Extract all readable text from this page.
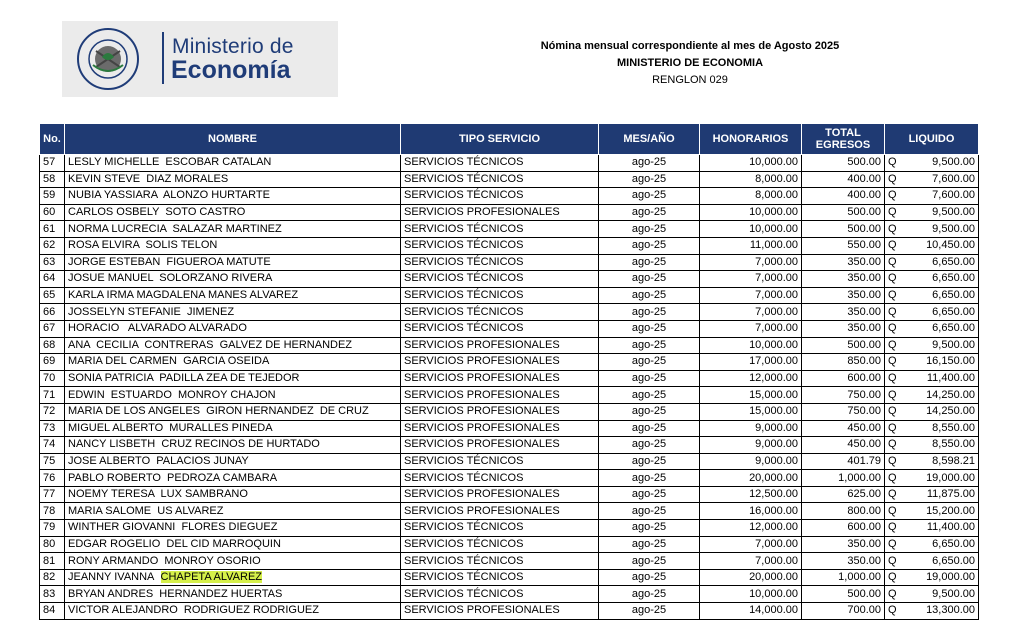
Ministerio de
Economía
Nómina mensual correspondiente al mes de Agosto 2025
MINISTERIO DE ECONOMIA
RENGLON 029
No.	NOMBRE	TIPO SERVICIO	MES/AÑO	HONORARIOS	TOTAL EGRESOS	LIQUIDO
57	LESLY MICHELLE  ESCOBAR CATALAN	SERVICIOS TÉCNICOS	ago-25	10,000.00	500.00	Q 9,500.00

58	KEVIN STEVE  DIAZ MORALES	SERVICIOS TÉCNICOS	ago-25	8,000.00	400.00	Q 7,600.00

59	NUBIA YASSIARA  ALONZO HURTARTE	SERVICIOS TÉCNICOS	ago-25	8,000.00	400.00	Q 7,600.00

60	CARLOS OSBELY  SOTO CASTRO	SERVICIOS PROFESIONALES	ago-25	10,000.00	500.00	Q 9,500.00

61	NORMA LUCRECIA  SALAZAR MARTINEZ	SERVICIOS TÉCNICOS	ago-25	10,000.00	500.00	Q 9,500.00

62	ROSA ELVIRA  SOLIS TELON	SERVICIOS TÉCNICOS	ago-25	11,000.00	550.00	Q 10,450.00

63	JORGE ESTEBAN  FIGUEROA MATUTE	SERVICIOS TÉCNICOS	ago-25	7,000.00	350.00	Q 6,650.00

64	JOSUE MANUEL  SOLORZANO RIVERA	SERVICIOS TÉCNICOS	ago-25	7,000.00	350.00	Q 6,650.00

65	KARLA IRMA MAGDALENA MANES ALVAREZ	SERVICIOS TÉCNICOS	ago-25	7,000.00	350.00	Q 6,650.00

66	JOSSELYN STEFANIE  JIMENEZ	SERVICIOS TÉCNICOS	ago-25	7,000.00	350.00	Q 6,650.00

67	HORACIO   ALVARADO ALVARADO	SERVICIOS TÉCNICOS	ago-25	7,000.00	350.00	Q 6,650.00

68	ANA  CECILIA  CONTRERAS  GALVEZ DE HERNANDEZ	SERVICIOS PROFESIONALES	ago-25	10,000.00	500.00	Q 9,500.00

69	MARIA DEL CARMEN  GARCIA OSEIDA	SERVICIOS PROFESIONALES	ago-25	17,000.00	850.00	Q 16,150.00

70	SONIA PATRICIA  PADILLA ZEA DE TEJEDOR	SERVICIOS PROFESIONALES	ago-25	12,000.00	600.00	Q 11,400.00

71	EDWIN  ESTUARDO  MONROY CHAJON	SERVICIOS PROFESIONALES	ago-25	15,000.00	750.00	Q 14,250.00

72	MARIA DE LOS ANGELES  GIRON HERNANDEZ  DE CRUZ	SERVICIOS PROFESIONALES	ago-25	15,000.00	750.00	Q 14,250.00

73	MIGUEL ALBERTO  MURALLES PINEDA	SERVICIOS PROFESIONALES	ago-25	9,000.00	450.00	Q 8,550.00

74	NANCY LISBETH  CRUZ RECINOS DE HURTADO	SERVICIOS PROFESIONALES	ago-25	9,000.00	450.00	Q 8,550.00

75	JOSE ALBERTO  PALACIOS JUNAY	SERVICIOS TÉCNICOS	ago-25	9,000.00	401.79	Q 8,598.21

76	PABLO ROBERTO  PEDROZA CAMBARA	SERVICIOS TÉCNICOS	ago-25	20,000.00	1,000.00	Q 19,000.00

77	NOEMY TERESA  LUX SAMBRANO	SERVICIOS PROFESIONALES	ago-25	12,500.00	625.00	Q 11,875.00

78	MARIA SALOME  US ALVAREZ	SERVICIOS PROFESIONALES	ago-25	16,000.00	800.00	Q 15,200.00

79	WINTHER GIOVANNI  FLORES DIEGUEZ	SERVICIOS TÉCNICOS	ago-25	12,000.00	600.00	Q 11,400.00

80	EDGAR ROGELIO  DEL CID MARROQUIN	SERVICIOS TÉCNICOS	ago-25	7,000.00	350.00	Q 6,650.00

81	RONY ARMANDO  MONROY OSORIO	SERVICIOS TÉCNICOS	ago-25	7,000.00	350.00	Q 6,650.00

82	JEANNY IVANNA CHAPETA ALVAREZ	SERVICIOS TÉCNICOS	ago-25	20,000.00	1,000.00	Q 19,000.00

83	BRYAN ANDRES  HERNANDEZ HUERTAS	SERVICIOS TÉCNICOS	ago-25	10,000.00	500.00	Q 9,500.00

84	VICTOR ALEJANDRO  RODRIGUEZ RODRIGUEZ	SERVICIOS PROFESIONALES	ago-25	14,000.00	700.00	Q 13,300.00
